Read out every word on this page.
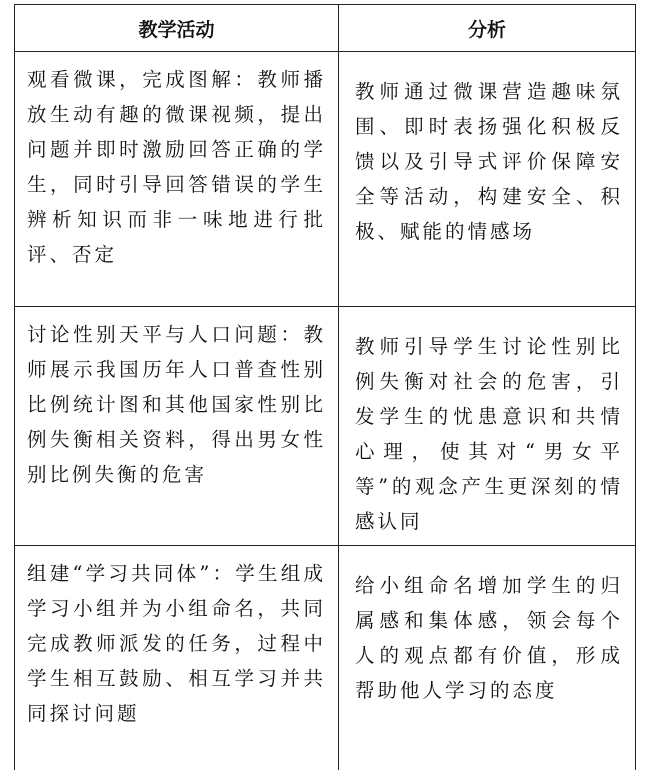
教学活动	分析
观看微课，完成图解：教师播放生动有趣的微课视频，提出问题并即时激励回答正确的学生，同时引导回答错误的学生辨析知识而非一味地进行批评、否定	教师通过微课营造趣味氛围、即时表扬强化积极反馈以及引导式评价保障安全等活动，构建安全、积极、赋能的情感场
讨论性别天平与人口问题：教师展示我国历年人口普查性别比例统计图和其他国家性别比例失衡相关资料，得出男女性别比例失衡的危害	教师引导学生讨论性别比例失衡对社会的危害，引发学生的忧患意识和共情心理，使其对“男女平等”的观念产生更深刻的情感认同
组建“学习共同体”：学生组成学习小组并为小组命名，共同完成教师派发的任务，过程中学生相互鼓励、相互学习并共同探讨问题	给小组命名增加学生的归属感和集体感，领会每个人的观点都有价值，形成帮助他人学习的态度
